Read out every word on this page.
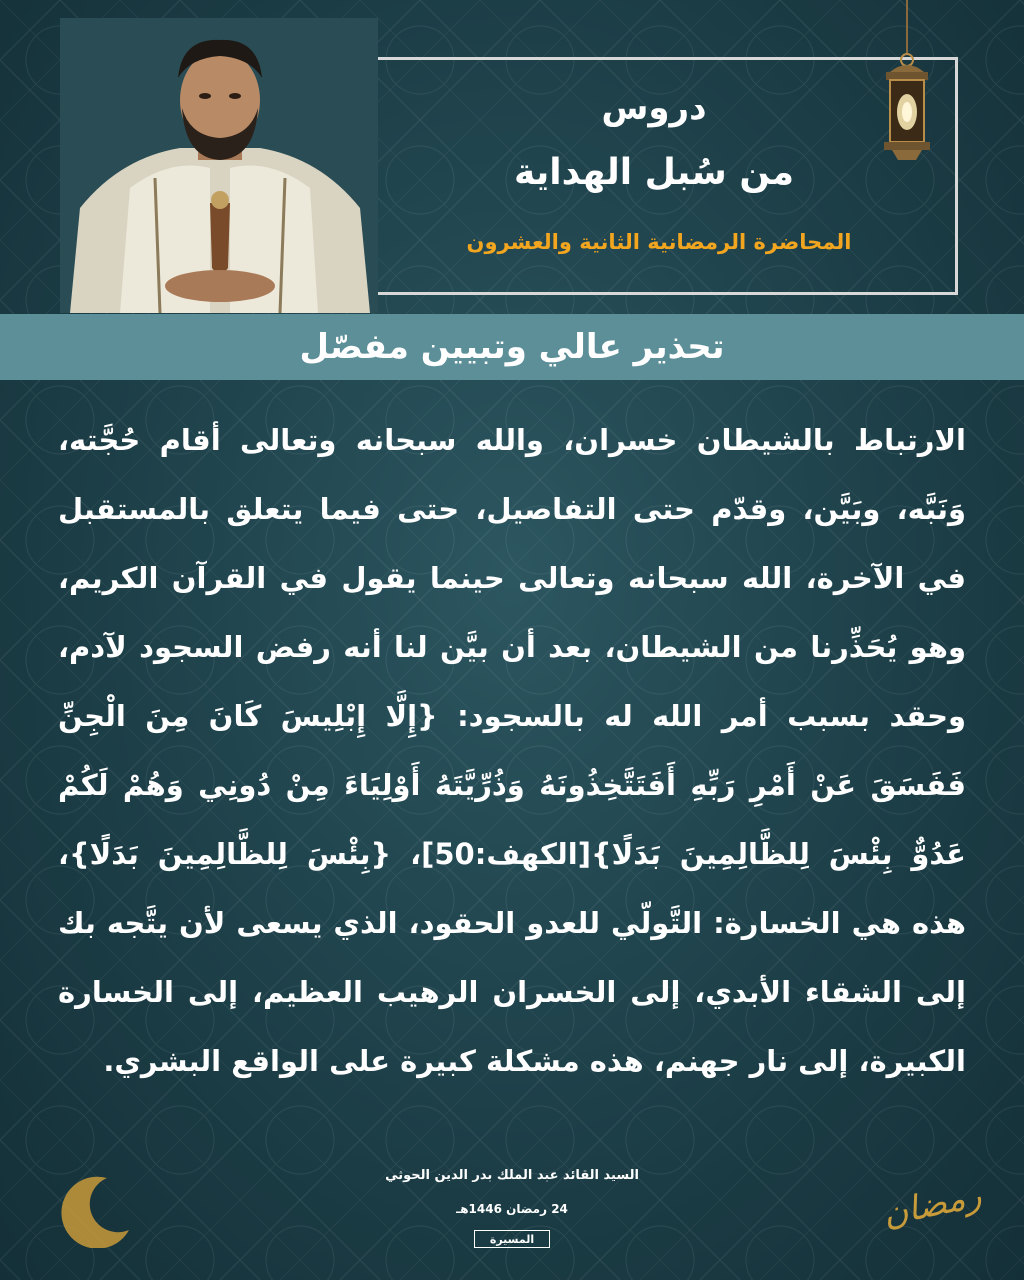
دروس
من سُبل الهداية
المحاضرة الرمضانية الثانية والعشرون
تحذير عالي وتبيين مفصّل
الارتباط بالشيطان خسران، والله سبحانه وتعالى أقام حُجَّته، وَنَبَّه، وبَيَّن، وقدّم حتى التفاصيل، حتى فيما يتعلق بالمستقبل في الآخرة، الله سبحانه وتعالى حينما يقول في القرآن الكريم، وهو يُحَذِّرنا من الشيطان، بعد أن بيَّن لنا أنه رفض السجود لآدم، وحقد بسبب أمر الله له بالسجود: {إِلَّا إِبْلِيسَ كَانَ مِنَ الْجِنِّ فَفَسَقَ عَنْ أَمْرِ رَبِّهِ أَفَتَتَّخِذُونَهُ وَذُرِّيَّتَهُ أَوْلِيَاءَ مِنْ دُونِي وَهُمْ لَكُمْ عَدُوٌّ بِئْسَ لِلظَّالِمِينَ بَدَلًا}[الكهف:50]، {بِئْسَ لِلظَّالِمِينَ بَدَلًا}، هذه هي الخسارة: التَّولّي للعدو الحقود، الذي يسعى لأن يتَّجه بك إلى الشقاء الأبدي، إلى الخسران الرهيب العظيم، إلى الخسارة الكبيرة، إلى نار جهنم، هذه مشكلة كبيرة على الواقع البشري.
السيد القائد عبد الملك بدر الدين الحوثي
24 رمضان 1446هـ
المسيرة
رمضان
